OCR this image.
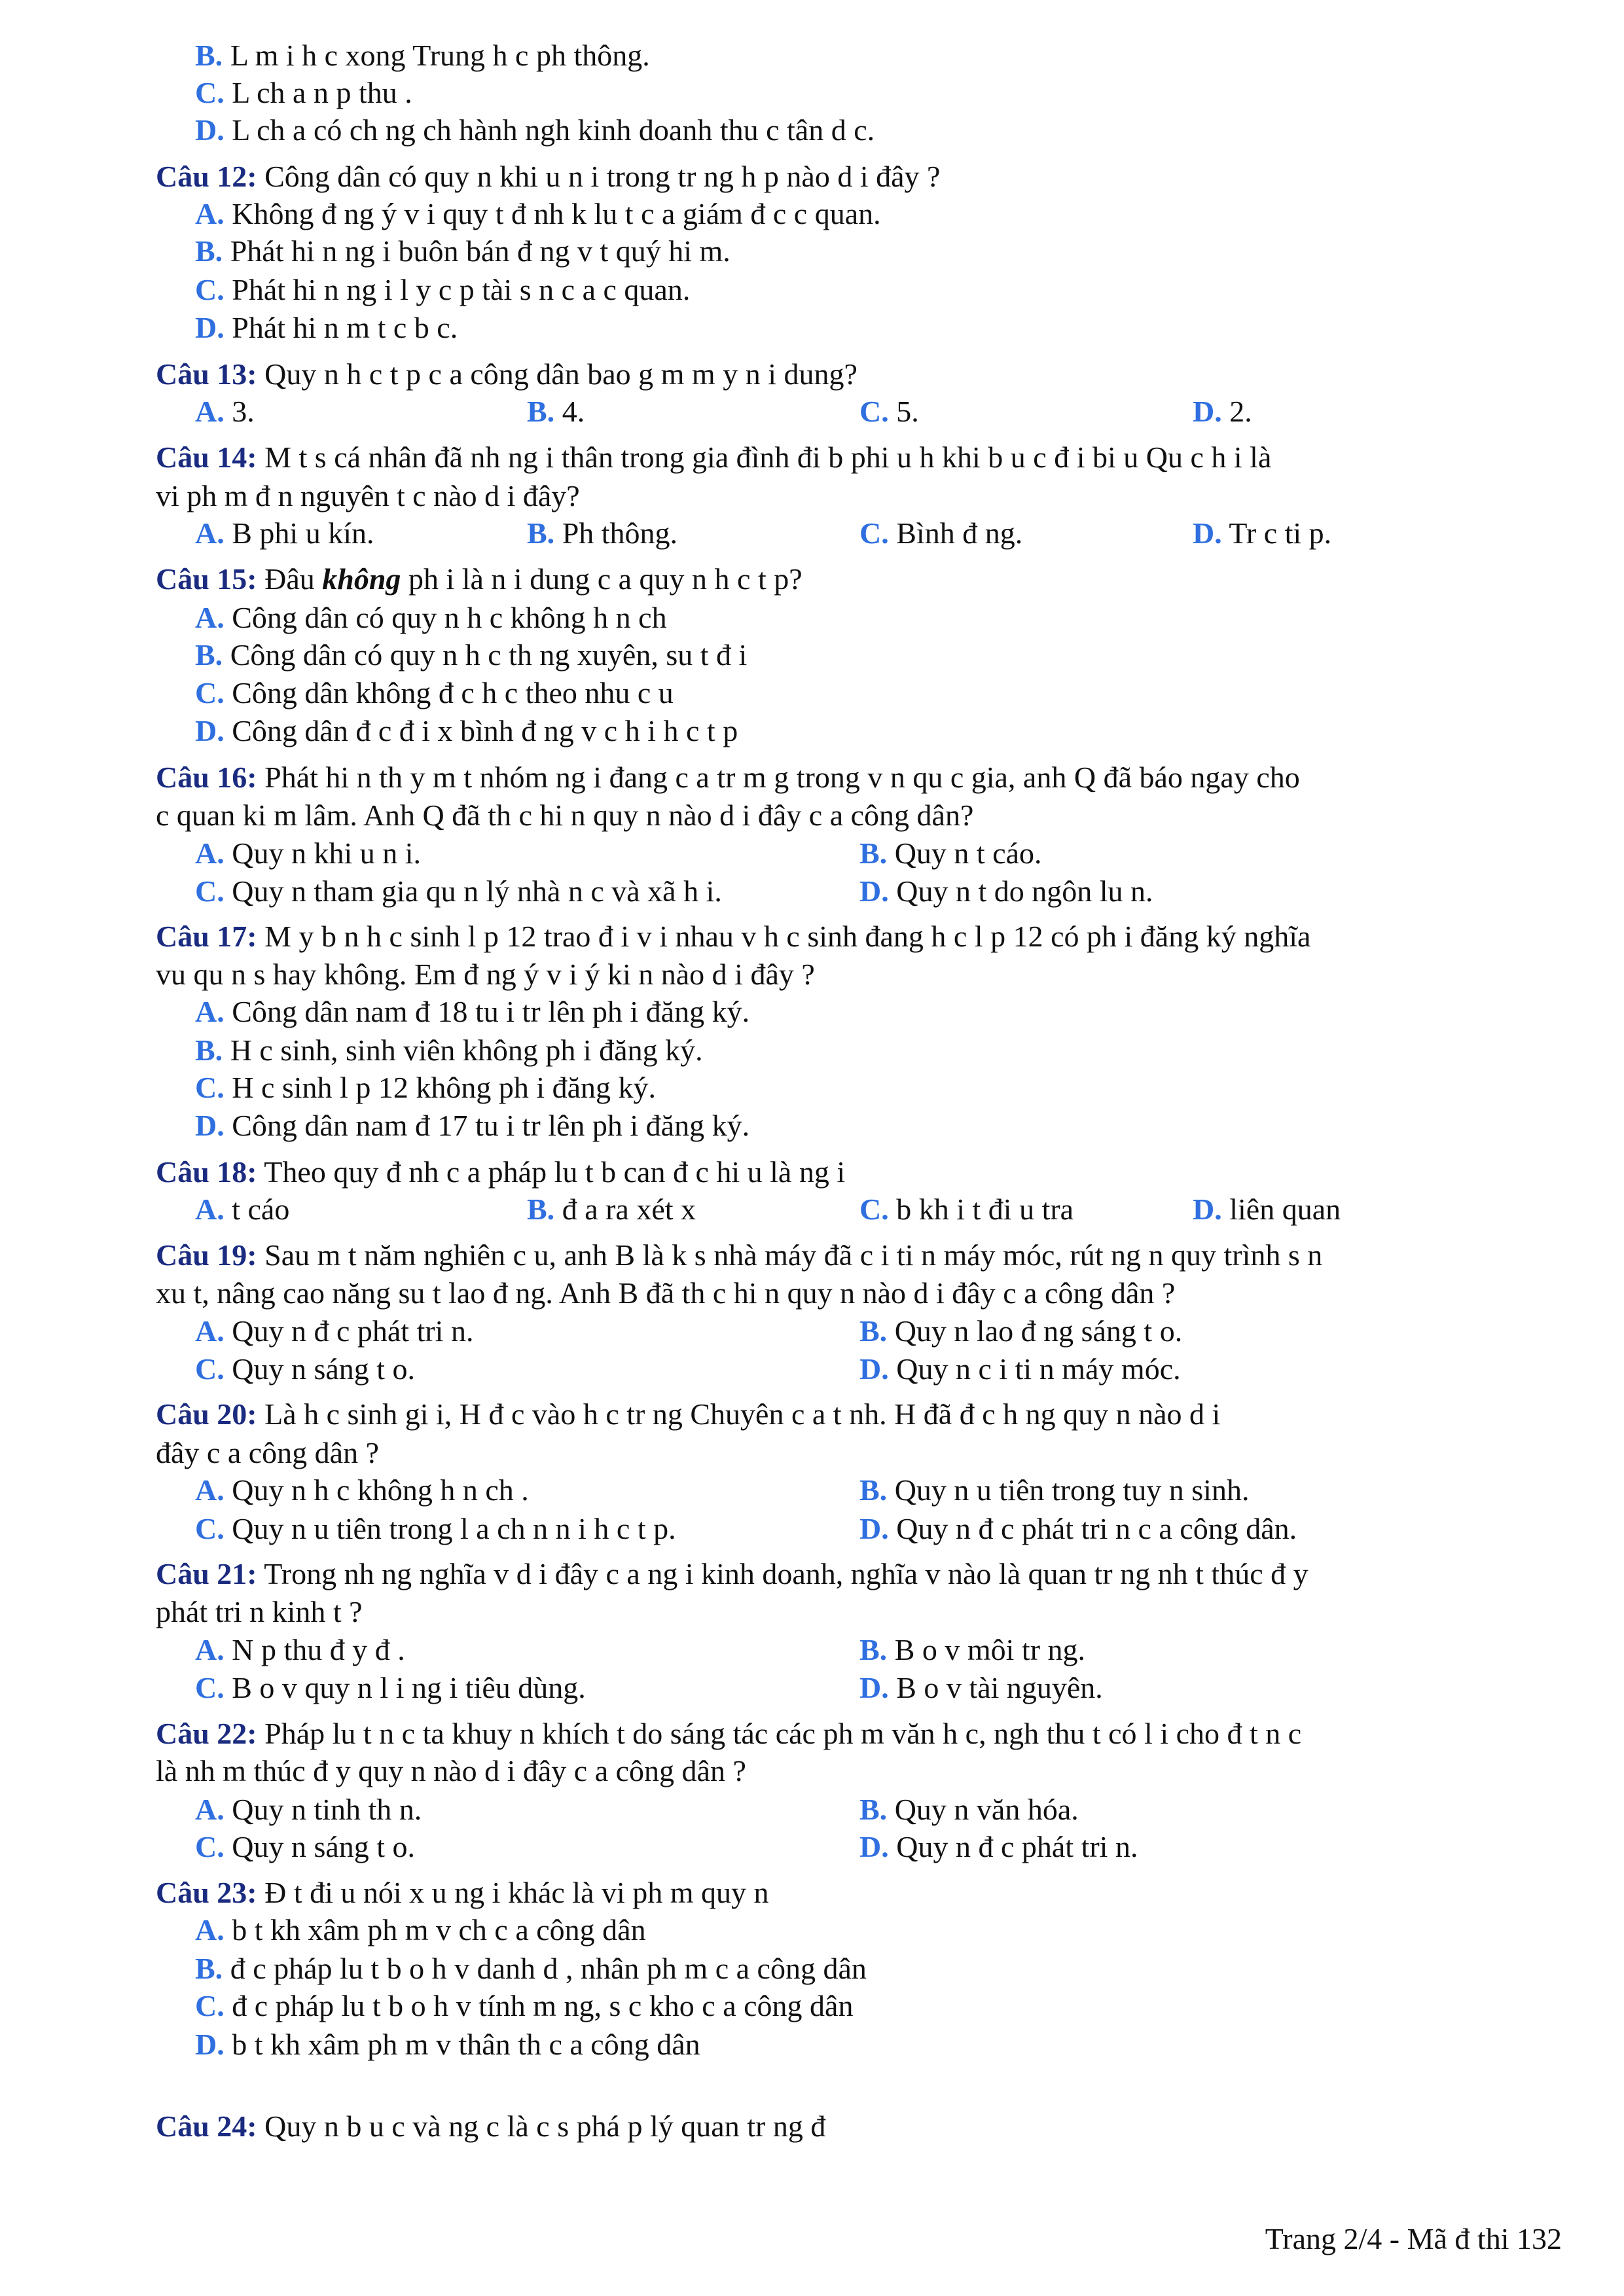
B. L m i h c xong Trung h c ph thông.
C. L ch a n p thu .
D. L ch a có ch ng ch hành ngh kinh doanh thu c tân d c.
Câu 12: Công dân có quy n khi u n i trong tr ng h p nào d i đây ?
A. Không đ ng ý v i quy t đ nh k lu t c a giám đ c c quan.
B. Phát hi n ng i buôn bán đ ng v t quý hi m.
C. Phát hi n ng i l y c p tài s n c a c quan.
D. Phát hi n m t c b c.
Câu 13: Quy n h c t p c a công dân bao g m m y n i dung?
A. 3.	B. 4.	C. 5.	D. 2.
Câu 14: M t s cá nhân đã nh ng i thân trong gia đình đi b phi u h khi b u c đ i bi u Qu c h i là
vi ph m đ n nguyên t c nào d i đây?
A. B phi u kín.	B. Ph thông.	C. Bình đ ng.	D. Tr c ti p.
Câu 15: Đâu không ph i là n i dung c a quy n h c t p?
A. Công dân có quy n h c không h n ch
B. Công dân có quy n h c th ng xuyên, su t đ i
C. Công dân không đ c h c theo nhu c u
D. Công dân đ c đ i x bình đ ng v c h i h c t p
Câu 16: Phát hi n th y m t nhóm ng i đang c a tr m g trong v n qu c gia, anh Q đã báo ngay cho
c quan ki m lâm. Anh Q đã th c hi n quy n nào d i đây c a công dân?
A. Quy n khi u n i.	B. Quy n t cáo.
C. Quy n tham gia qu n lý nhà n c và xã h i.	D. Quy n t do ngôn lu n.
Câu 17: M y b n h c sinh l p 12 trao đ i v i nhau v h c sinh đang h c l p 12 có ph i đăng ký nghĩa
vu qu n s hay không. Em đ ng ý v i ý ki n nào d i đây ?
A. Công dân nam đ 18 tu i tr lên ph i đăng ký.
B. H c sinh, sinh viên không ph i đăng ký.
C. H c sinh l p 12 không ph i đăng ký.
D. Công dân nam đ 17 tu i tr lên ph i đăng ký.
Câu 18: Theo quy đ nh c a pháp lu t b can đ c hi u là ng i
A. t cáo	B. đ a ra xét x	C. b kh i t đi u tra	D. liên quan
Câu 19: Sau m t năm nghiên c u, anh B là k s nhà máy đã c i ti n máy móc, rút ng n quy trình s n
xu t, nâng cao năng su t lao đ ng. Anh B đã th c hi n quy n nào d i đây c a công dân ?
A. Quy n đ c phát tri n.	B. Quy n lao đ ng sáng t o.
C. Quy n sáng t o.	D. Quy n c i ti n máy móc.
Câu 20: Là h c sinh gi i, H đ c vào h c tr ng Chuyên c a t nh. H đã đ c h ng quy n nào d i
đây c a công dân ?
A. Quy n h c không h n ch .	B. Quy n u tiên trong tuy n sinh.
C. Quy n u tiên trong l a ch n n i h c t p.	D. Quy n đ c phát tri n c a công dân.
Câu 21: Trong nh ng nghĩa v d i đây c a ng i kinh doanh, nghĩa v nào là quan tr ng nh t thúc đ y
phát tri n kinh t ?
A. N p thu đ y đ .	B. B o v môi tr ng.
C. B o v quy n l i ng i tiêu dùng.	D. B o v tài nguyên.
Câu 22: Pháp lu t n c ta khuy n khích t do sáng tác các ph m văn h c, ngh thu t có l i cho đ t n c
là nh m thúc đ y quy n nào d i đây c a công dân ?
A. Quy n tinh th n.	B. Quy n văn hóa.
C. Quy n sáng t o.	D. Quy n đ c phát tri n.
Câu 23: Đ t đi u nói x u ng i khác là vi ph m quy n
A. b t kh xâm ph m v ch c a công dân
B. đ c pháp lu t b o h v danh d , nhân ph m c a công dân
C. đ c pháp lu t b o h v tính m ng, s c kho c a công dân
D. b t kh xâm ph m v thân th c a công dân
Câu 24: Quy n b u c và ng c là c s phá p lý quan tr ng đ
Trang 2/4 - Mã đ thi 132
